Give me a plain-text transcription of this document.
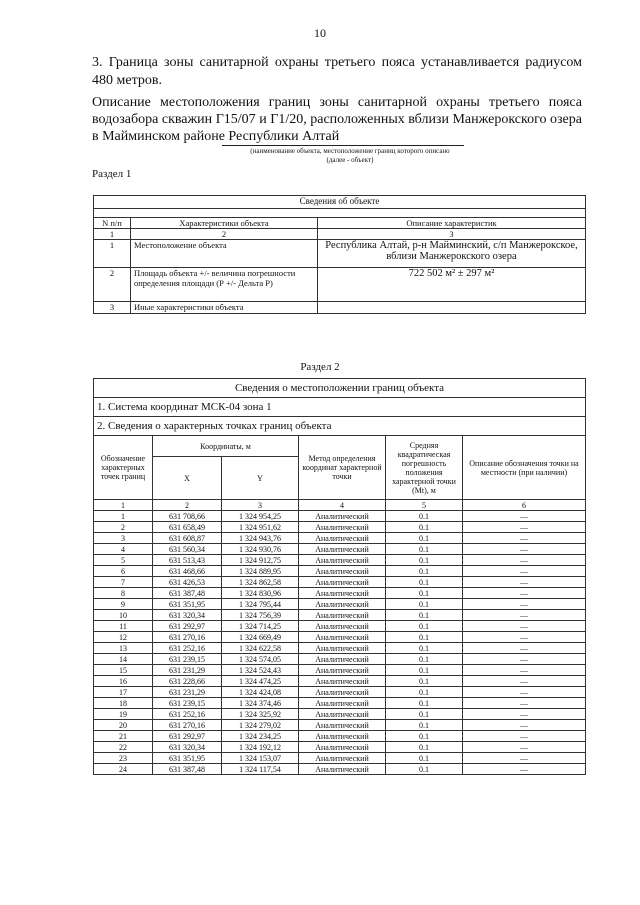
10
3. Граница зоны санитарной охраны третьего пояса устанавливается радиусом 480 метров.
Описание местоположения границ зоны санитарной охраны третьего пояса водозабора скважин Г15/07 и Г1/20, расположенных вблизи Манжерокского озера в Майминском районе Республики Алтай
(наименование объекта, местоположение границ которого описано
(далее - объект)
Раздел 1
Сведения об объекте		

N п/п	Характеристики объекта	Описание характеристик
1	2	3
1	Местоположение объекта	Республика Алтай, р-н Майминский, с/п Манжерокское, вблизи Манжерокского озера
2	Площадь объекта +/- величина погрешности определения площади (Р +/- Дельта Р)	722 502 м² ± 297 м²
3	Иные характеристики объекта	
Раздел 2
Сведения о местоположении границ объекта					
1. Система координат МСК-04 зона 1					
2. Сведения о характерных точках границ объекта					
Обозначение характерных точек границ	Координаты, м		Метод определения координат характерной точки	Средняя квадратическая погрешность положения характерной точки (Mt), м	Описание обозначения точки на местности (при наличии)
	X	Y			
1	2	3	4	5	6
1	631 708,66	1 324 954,25	Аналитический	0.1	—
2	631 658,49	1 324 951,62	Аналитический	0.1	—
3	631 608,87	1 324 943,76	Аналитический	0.1	—
4	631 560,34	1 324 930,76	Аналитический	0.1	—
5	631 513,43	1 324 912,75	Аналитический	0.1	—
6	631 468,66	1 324 889,95	Аналитический	0.1	—
7	631 426,53	1 324 862,58	Аналитический	0.1	—
8	631 387,48	1 324 830,96	Аналитический	0.1	—
9	631 351,95	1 324 795,44	Аналитический	0.1	—
10	631 320,34	1 324 756,39	Аналитический	0.1	—
11	631 292,97	1 324 714,25	Аналитический	0.1	—
12	631 270,16	1 324 669,49	Аналитический	0.1	—
13	631 252,16	1 324 622,58	Аналитический	0.1	—
14	631 239,15	1 324 574,05	Аналитический	0.1	—
15	631 231,29	1 324 524,43	Аналитический	0.1	—
16	631 228,66	1 324 474,25	Аналитический	0.1	—
17	631 231,29	1 324 424,08	Аналитический	0.1	—
18	631 239,15	1 324 374,46	Аналитический	0.1	—
19	631 252,16	1 324 325,92	Аналитический	0.1	—
20	631 270,16	1 324 279,02	Аналитический	0.1	—
21	631 292,97	1 324 234,25	Аналитический	0.1	—
22	631 320,34	1 324 192,12	Аналитический	0.1	—
23	631 351,95	1 324 153,07	Аналитический	0.1	—
24	631 387,48	1 324 117,54	Аналитический	0.1	—
